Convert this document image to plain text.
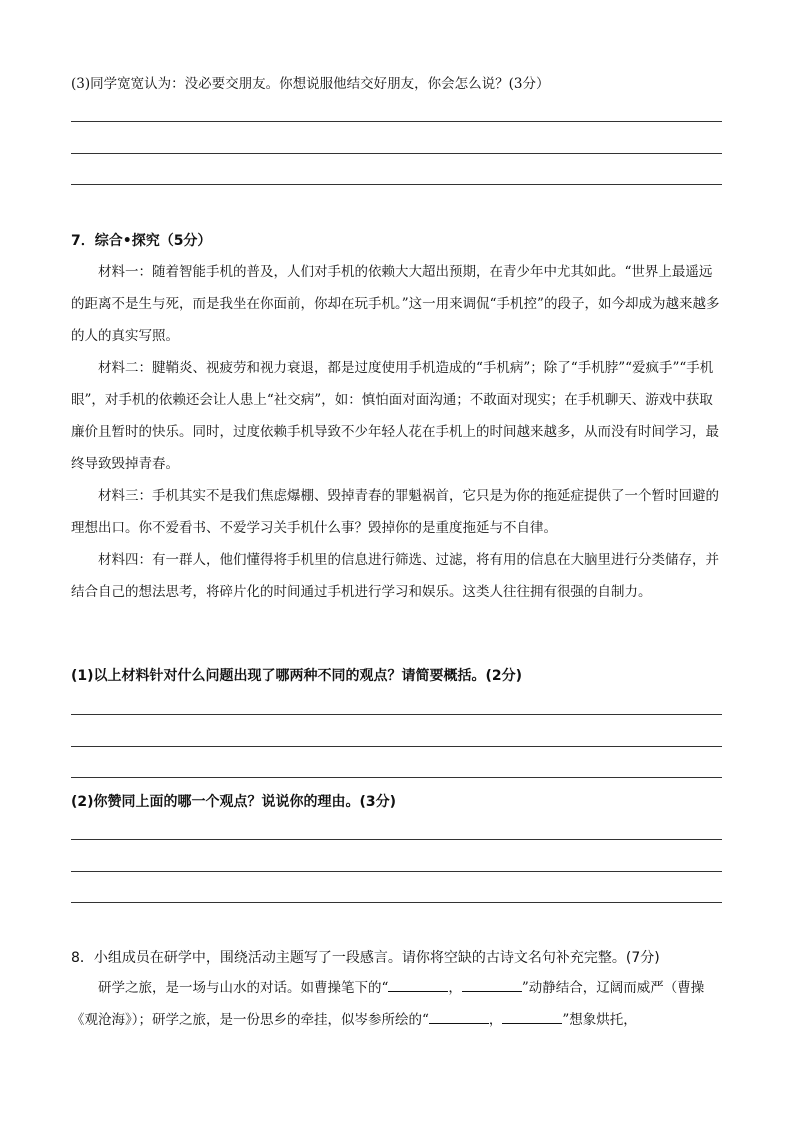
(3)同学宽宽认为：没必要交朋友。你想说服他结交好朋友，你会怎么说？(3分）
7．综合•探究（5分）
材料一：随着智能手机的普及，人们对手机的依赖大大超出预期，在青少年中尤其如此。“世界上最遥远的距离不是生与死，而是我坐在你面前，你却在玩手机。”这一用来调侃“手机控”的段子，如今却成为越来越多的人的真实写照。
材料二：腱鞘炎、视疲劳和视力衰退，都是过度使用手机造成的“手机病”；除了“手机脖”“爱疯手”“手机眼”，对手机的依赖还会让人患上“社交病”，如：慎怕面对面沟通；不敢面对现实；在手机聊天、游戏中获取廉价且暂时的快乐。同时，过度依赖手机导致不少年轻人花在手机上的时间越来越多，从而没有时间学习，最终导致毁掉青春。
材料三：手机其实不是我们焦虑爆棚、毁掉青春的罪魁祸首，它只是为你的拖延症提供了一个暂时回避的理想出口。你不爱看书、不爱学习关手机什么事？毁掉你的是重度拖延与不自律。
材料四：有一群人，他们懂得将手机里的信息进行筛选、过滤，将有用的信息在大脑里进行分类储存，并结合自己的想法思考，将碎片化的时间通过手机进行学习和娱乐。这类人往往拥有很强的自制力。
(1)以上材料针对什么问题出现了哪两种不同的观点？请简要概括。(2分)
(2)你赞同上面的哪一个观点？说说你的理由。(3分)
8．小组成员在研学中，围绕活动主题写了一段感言。请你将空缺的古诗文名句补充完整。(7分)
研学之旅，是一场与山水的对话。如曹操笔下的“	，	”动静结合，辽阔而威严（曹操《观沧海》）；研学之旅，是一份思乡的牵挂，似岑参所绘的“	，	”想象烘托，
